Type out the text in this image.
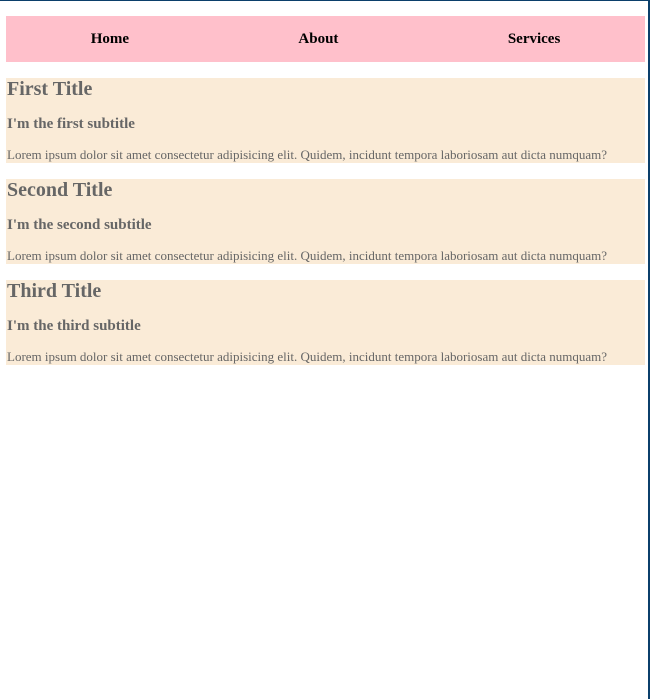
Home	About	Services
First Title
I'm the first subtitle

Lorem ipsum dolor sit amet consectetur adipisicing elit. Quidem, incidunt tempora laboriosam aut dicta numquam?

Second Title
I'm the second subtitle

Lorem ipsum dolor sit amet consectetur adipisicing elit. Quidem, incidunt tempora laboriosam aut dicta numquam?

Third Title
I'm the third subtitle

Lorem ipsum dolor sit amet consectetur adipisicing elit. Quidem, incidunt tempora laboriosam aut dicta numquam?
